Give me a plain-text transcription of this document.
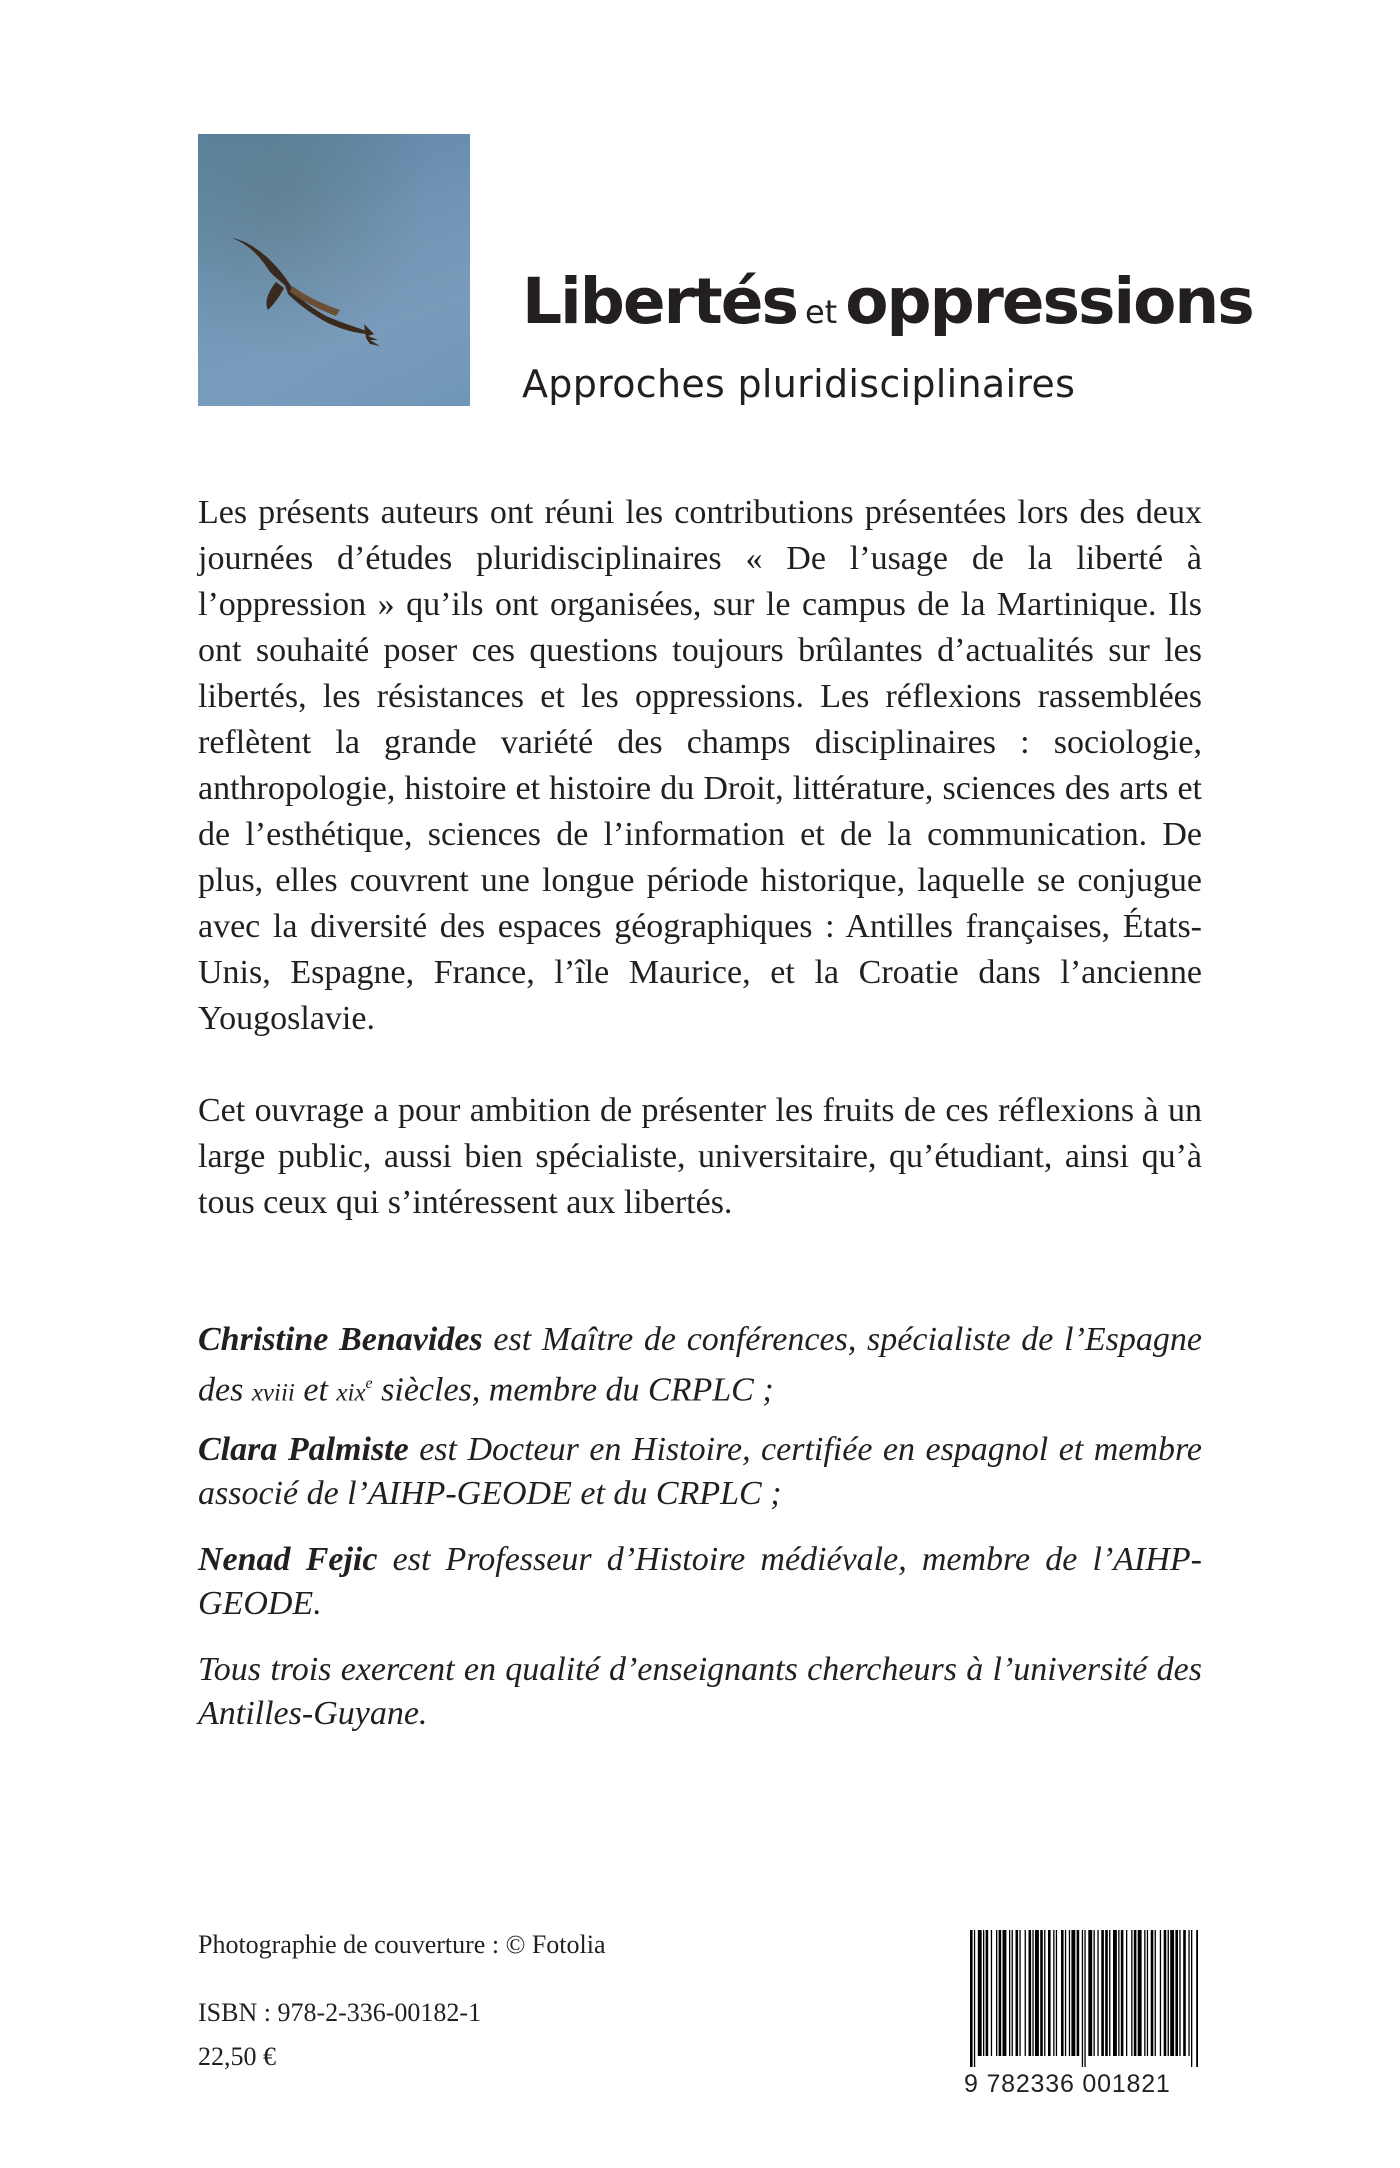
Libertés et oppressions
Approches pluridisciplinaires

Les présents auteurs ont réuni les contributions présentées lors des deux journées d’études pluridisciplinaires « De l’usage de la liberté à l’oppression » qu’ils ont organisées, sur le campus de la Martinique. Ils ont souhaité poser ces questions toujours brûlantes d’actualités sur les libertés, les résistances et les oppressions. Les réflexions rassemblées reflètent la grande variété des champs disciplinaires : sociologie, anthropologie, histoire et histoire du Droit, littérature, sciences des arts et de l’esthétique, sciences de l’information et de la communication. De plus, elles couvrent une longue période historique, laquelle se conjugue avec la diversité des espaces géographiques : Antilles françaises, États-Unis, Espagne, France, l’île Maurice, et la Croatie dans l’ancienne Yougoslavie.

Cet ouvrage a pour ambition de présenter les fruits de ces réflexions à un large public, aussi bien spécialiste, universitaire, qu’étudiant, ainsi qu’à tous ceux qui s’intéressent aux libertés.

Christine Benavides est Maître de conférences, spécialiste de l’Espagne des xviii et xix$^e$ siècles, membre du CRPLC ;

Clara Palmiste est Docteur en Histoire, certifiée en espagnol et membre associé de l’AIHP-GEODE et du CRPLC ;

Nenad Fejic est Professeur d’Histoire médiévale, membre de l’AIHP-GEODE.

Tous trois exercent en qualité d’enseignants chercheurs à l’université des Antilles-Guyane.

Photographie de couverture : © Fotolia
ISBN : 978-2-336-00182-1
22,50 €
9 782336 001821
